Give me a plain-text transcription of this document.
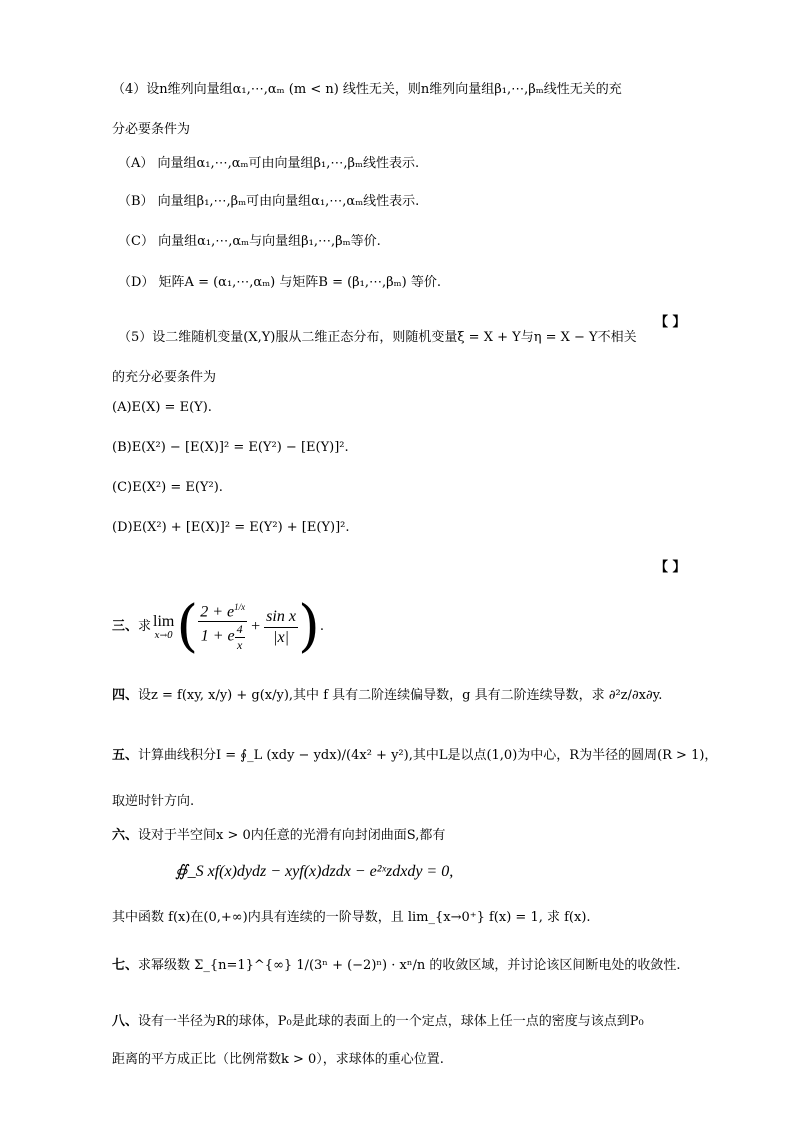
（4）设n维列向量组α₁,⋯,αₘ (m < n) 线性无关，则n维列向量组β₁,⋯,βₘ线性无关的充
分必要条件为
（A） 向量组α₁,⋯,αₘ可由向量组β₁,⋯,βₘ线性表示.
（B） 向量组β₁,⋯,βₘ可由向量组α₁,⋯,αₘ线性表示.
（C） 向量组α₁,⋯,αₘ与向量组β₁,⋯,βₘ等价.
（D） 矩阵A = (α₁,⋯,αₘ) 与矩阵B = (β₁,⋯,βₘ) 等价.
【 】
（5）设二维随机变量(X,Y)服从二维正态分布，则随机变量ξ = X + Y与η = X − Y不相关
的充分必要条件为
(A)E(X) = E(Y).
(B)E(X²) − [E(X)]² = E(Y²) − [E(Y)]².
(C)E(X²) = E(Y²).
(D)E(X²) + [E(X)]² = E(Y²) + [E(Y)]².
【 】
三、 求 lim
x→0 ( $\frac{2 + e^{1/x}}{1 + e \frac{4}{x}} + \frac{\text{sin x}}{|x|}$ ) .
四、设z = f(xy, x/y) + g(x/y),其中 f 具有二阶连续偏导数，g 具有二阶连续导数，求 ∂²z/∂x∂y.
五、计算曲线积分I = ∮_L (xdy − ydx)/(4x² + y²),其中L是以点(1,0)为中心，R为半径的圆周(R > 1)，
取逆时针方向.
六、设对于半空间x > 0内任意的光滑有向封闭曲面S,都有
∯_S xf(x)dydz − xyf(x)dzdx − e²ˣzdxdy = 0,
其中函数 f(x)在(0,+∞)内具有连续的一阶导数，且 lim_{x→0⁺} f(x) = 1, 求 f(x).
七、求幂级数 Σ_{n=1}^{∞} 1/(3ⁿ + (−2)ⁿ) · xⁿ/n 的收敛区域，并讨论该区间断电处的收敛性.
八、设有一半径为R的球体，P₀是此球的表面上的一个定点，球体上任一点的密度与该点到P₀
距离的平方成正比（比例常数k > 0），求球体的重心位置.
